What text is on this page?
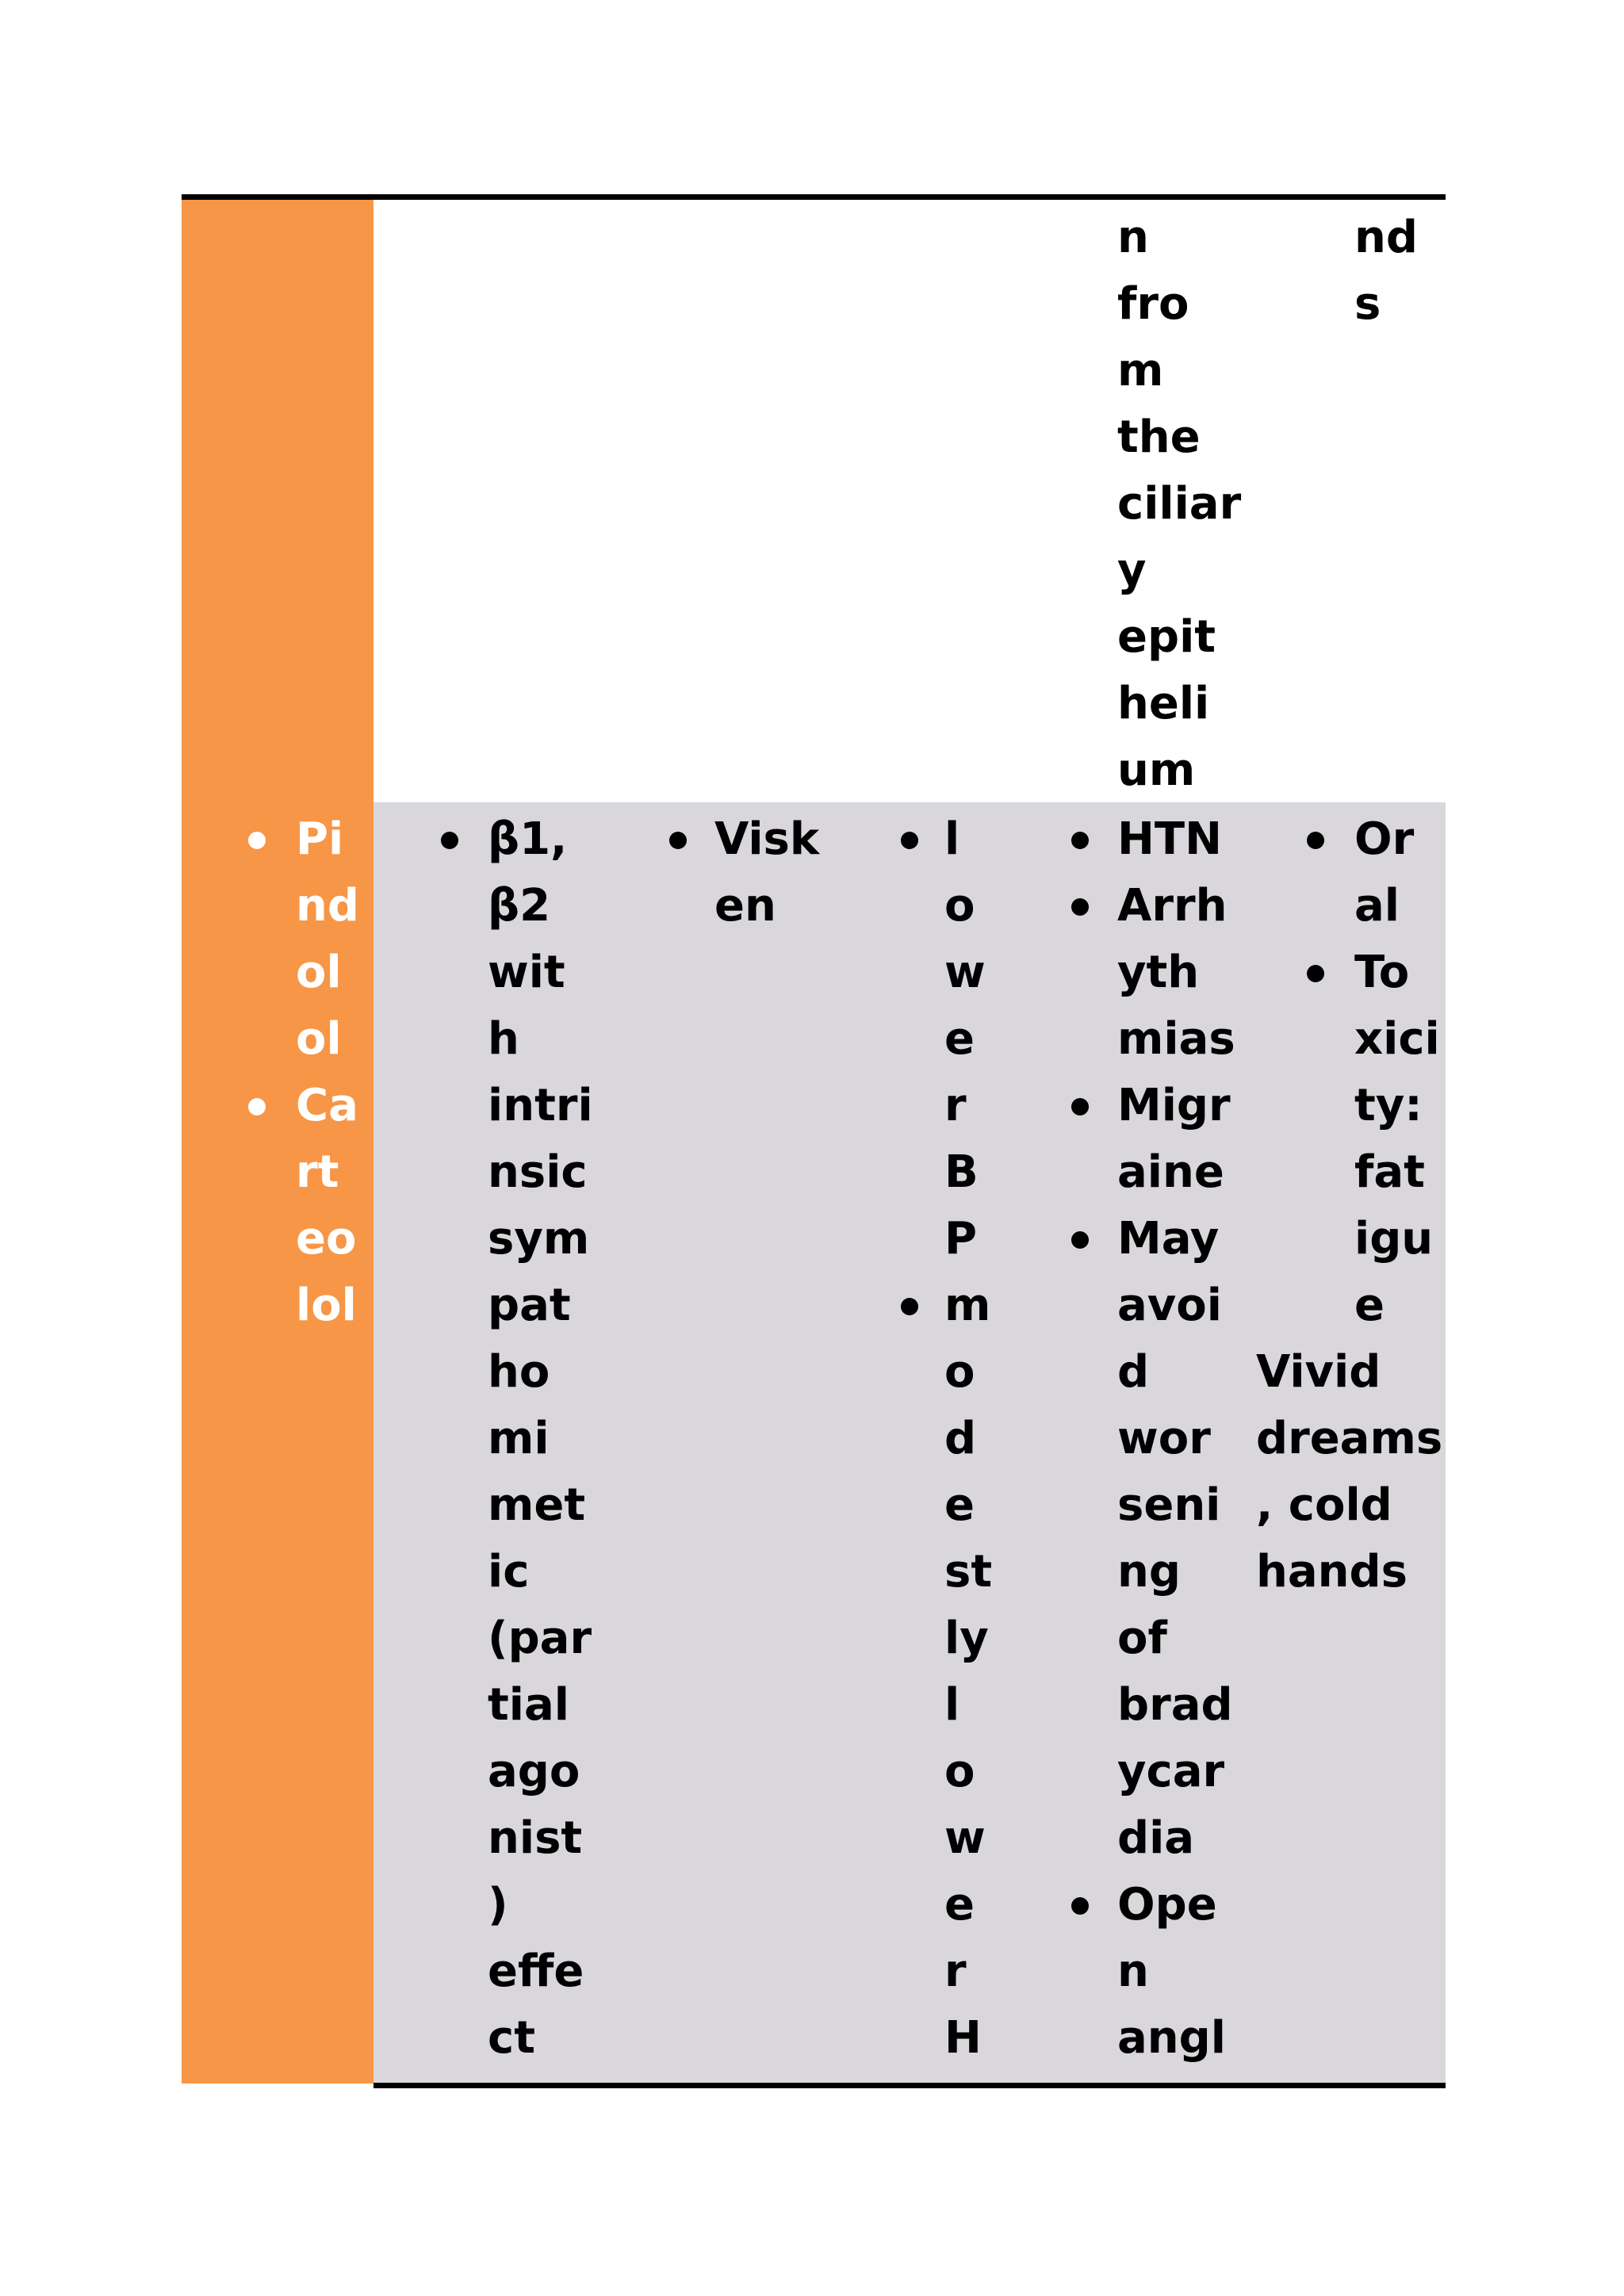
n
fro
m
the
ciliar
y
epit
heli
um
nd
s
Pi
nd
ol
ol
Ca
rt
eo
lol
β1,
β2
wit
h
intri
nsic
sym
pat
ho
mi
met
ic
(par
tial
ago
nist
)
effe
ct
Visk
en
l
o
w
e
r
B
P
m
o
d
e
st
ly
l
o
w
e
r
H
HTN
Arrh
yth
mias
Migr
aine
May
avoi
d
wor
seni
ng
of
brad
ycar
dia
Ope
n
angl
Or
al
To
xici
ty:
fat
igu
e
Vivid
dreams
, cold
hands
